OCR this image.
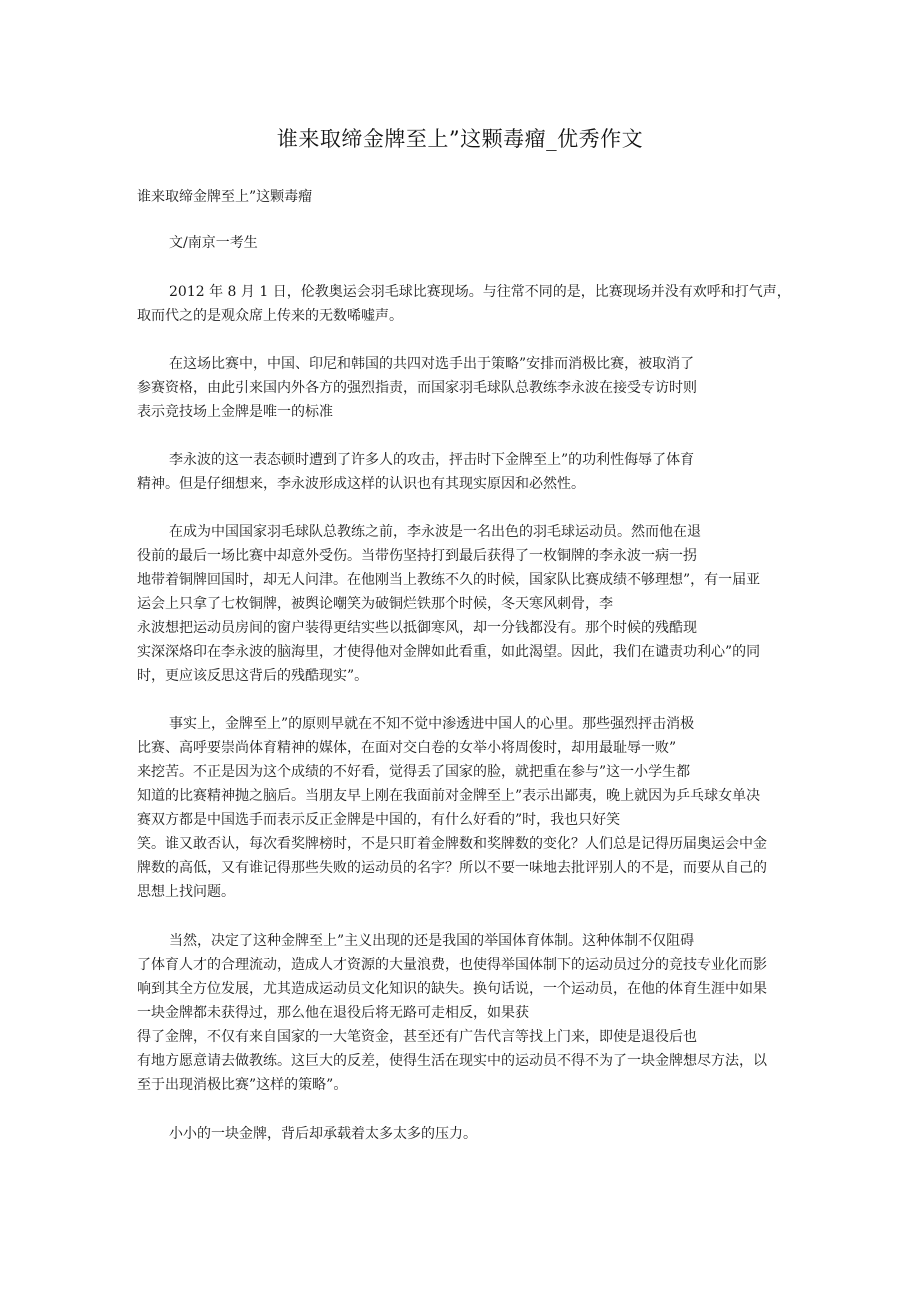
谁来取缔金牌至上”这颗毒瘤_优秀作文
谁来取缔金牌至上”这颗毒瘤
文/南京一考生
2012 年 8 月 1 日，伦教奥运会羽毛球比赛现场。与往常不同的是，比赛现场并没有欢呼和打气声，
取而代之的是观众席上传来的无数唏嘘声。
在这场比赛中，中国、印尼和韩国的共四对选手出于策略”安排而消极比赛，被取消了
参赛资格，由此引来国内外各方的强烈指责，而国家羽毛球队总教练李永波在接受专访时则
表示竞技场上金牌是唯一的标准
李永波的这一表态顿时遭到了许多人的攻击，抨击时下金牌至上”的功利性侮辱了体育
精神。但是仔细想来，李永波形成这样的认识也有其现实原因和必然性。
在成为中国国家羽毛球队总教练之前，李永波是一名出色的羽毛球运动员。然而他在退
役前的最后一场比赛中却意外受伤。当带伤坚持打到最后获得了一枚铜牌的李永波一病一拐
地带着铜牌回国时，却无人问津。在他刚当上教练不久的时候，国家队比赛成绩不够理想”，有一届亚
运会上只拿了七枚铜牌，被舆论嘲笑为破铜烂铁那个时候，冬天寒风刺骨，李
永波想把运动员房间的窗户装得更结实些以抵御寒风，却一分钱都没有。那个时候的残酷现
实深深烙印在李永波的脑海里，才使得他对金牌如此看重，如此渴望。因此，我们在谴责功利心”的同
时，更应该反思这背后的残酷现实”。
事实上，金牌至上”的原则早就在不知不觉中渗透进中国人的心里。那些强烈抨击消极
比赛、高呼要崇尚体育精神的媒体，在面对交白卷的女举小将周俊时，却用最耻辱一败”
来挖苦。不正是因为这个成绩的不好看，觉得丢了国家的脸，就把重在参与”这一小学生都
知道的比赛精神抛之脑后。当朋友早上刚在我面前对金牌至上”表示出鄙夷，晚上就因为乒乓球女单决
赛双方都是中国选手而表示反正金牌是中国的，有什么好看的”时，我也只好笑
笑。谁又敢否认，每次看奖牌榜时，不是只盯着金牌数和奖牌数的变化？人们总是记得历届奥运会中金
牌数的高低，又有谁记得那些失败的运动员的名字？所以不要一味地去批评别人的不是，而要从自己的
思想上找问题。
当然，决定了这种金牌至上”主义出现的还是我国的举国体育体制。这种体制不仅阻碍
了体育人才的合理流动，造成人才资源的大量浪费，也使得举国体制下的运动员过分的竞技专业化而影
响到其全方位发展，尤其造成运动员文化知识的缺失。换句话说，一个运动员，在他的体育生涯中如果
一块金牌都未获得过，那么他在退役后将无路可走相反，如果获
得了金牌，不仅有来自国家的一大笔资金，甚至还有广告代言等找上门来，即使是退役后也
有地方愿意请去做教练。这巨大的反差，使得生活在现实中的运动员不得不为了一块金牌想尽方法，以
至于出现消极比赛”这样的策略”。
小小的一块金牌，背后却承载着太多太多的压力。
